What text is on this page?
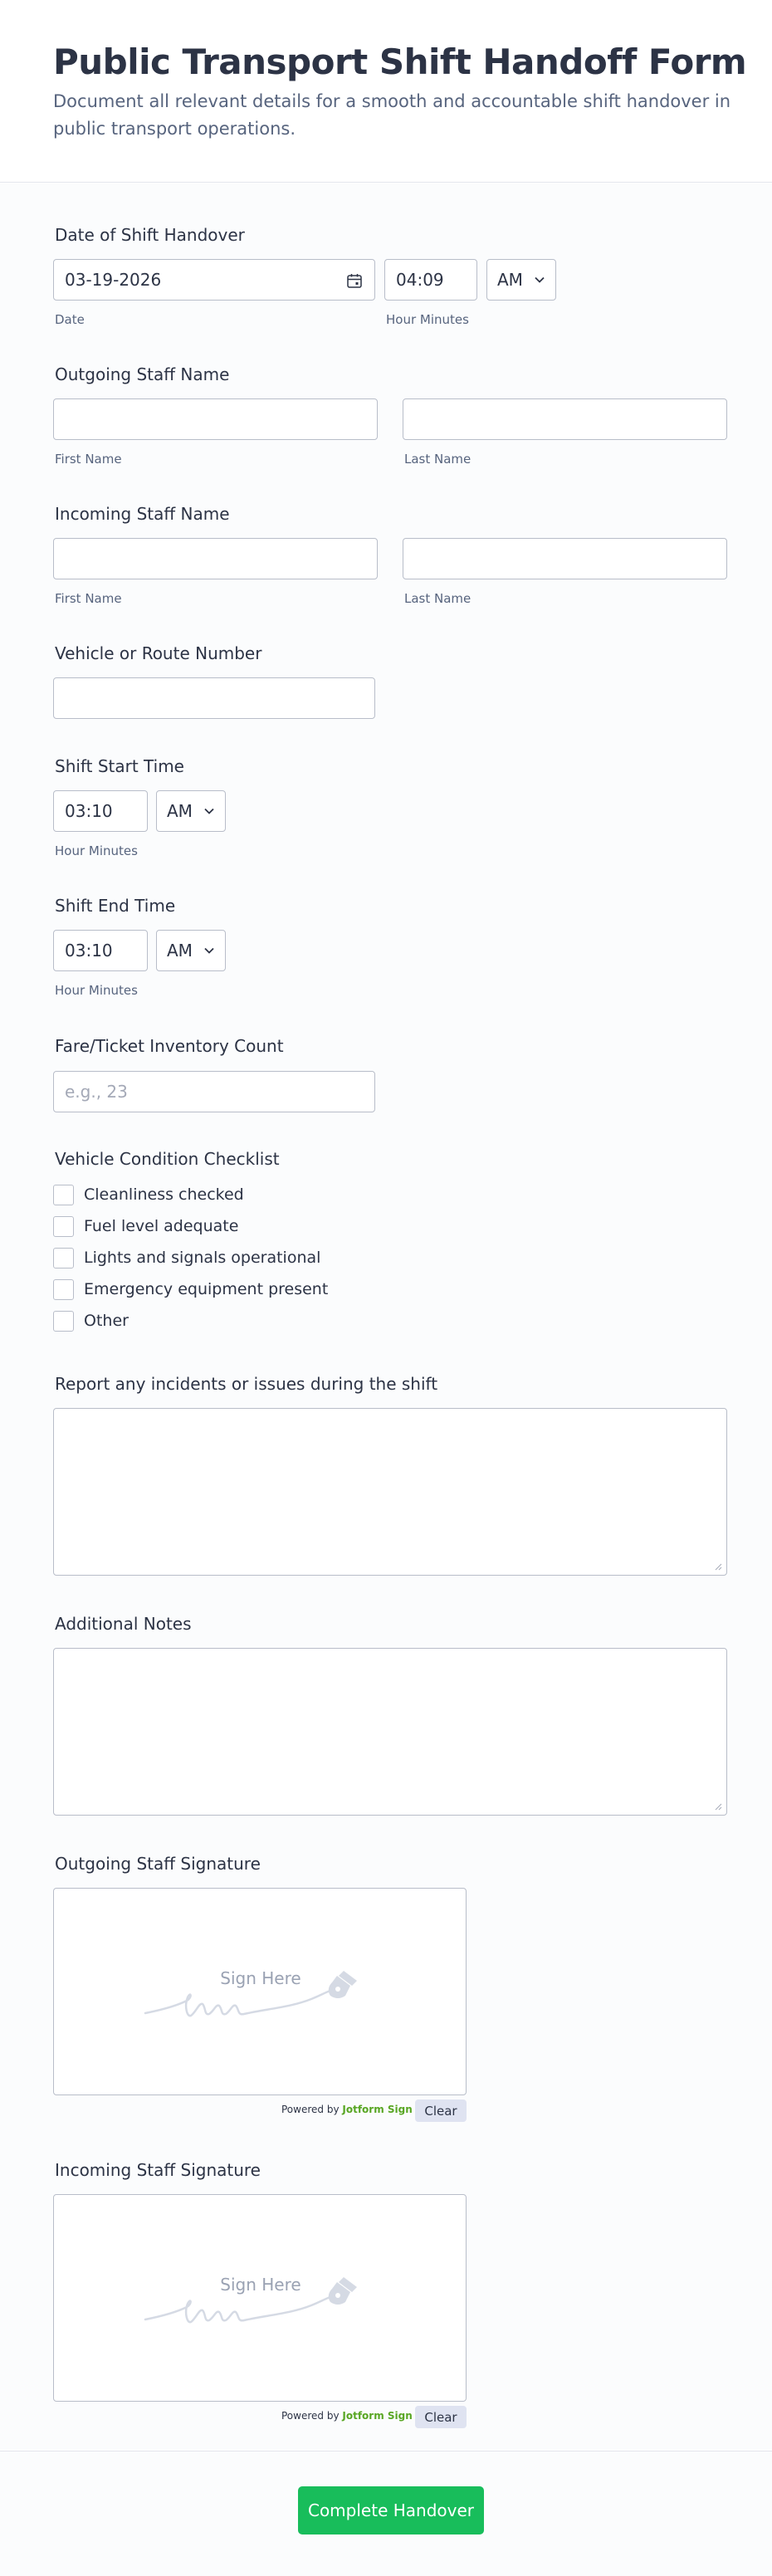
Public Transport Shift Handoff Form
Document all relevant details for a smooth and accountable shift handover in public transport operations.
Date of Shift Handover
03-19-2026	04:09	AM
Date	Hour Minutes
Outgoing Staff Name
First Name	Last Name
Incoming Staff Name
First Name	Last Name
Vehicle or Route Number
Shift Start Time
03:10	AM
Hour Minutes
Shift End Time
03:10	AM
Hour Minutes
Fare/Ticket Inventory Count
e.g., 23
Vehicle Condition Checklist
Cleanliness checked
Fuel level adequate
Lights and signals operational
Emergency equipment present
Other
Report any incidents or issues during the shift
Additional Notes
Outgoing Staff Signature
Sign Here
Powered by Jotform Sign Clear
Incoming Staff Signature
Sign Here
Powered by Jotform Sign Clear
Complete Handover
